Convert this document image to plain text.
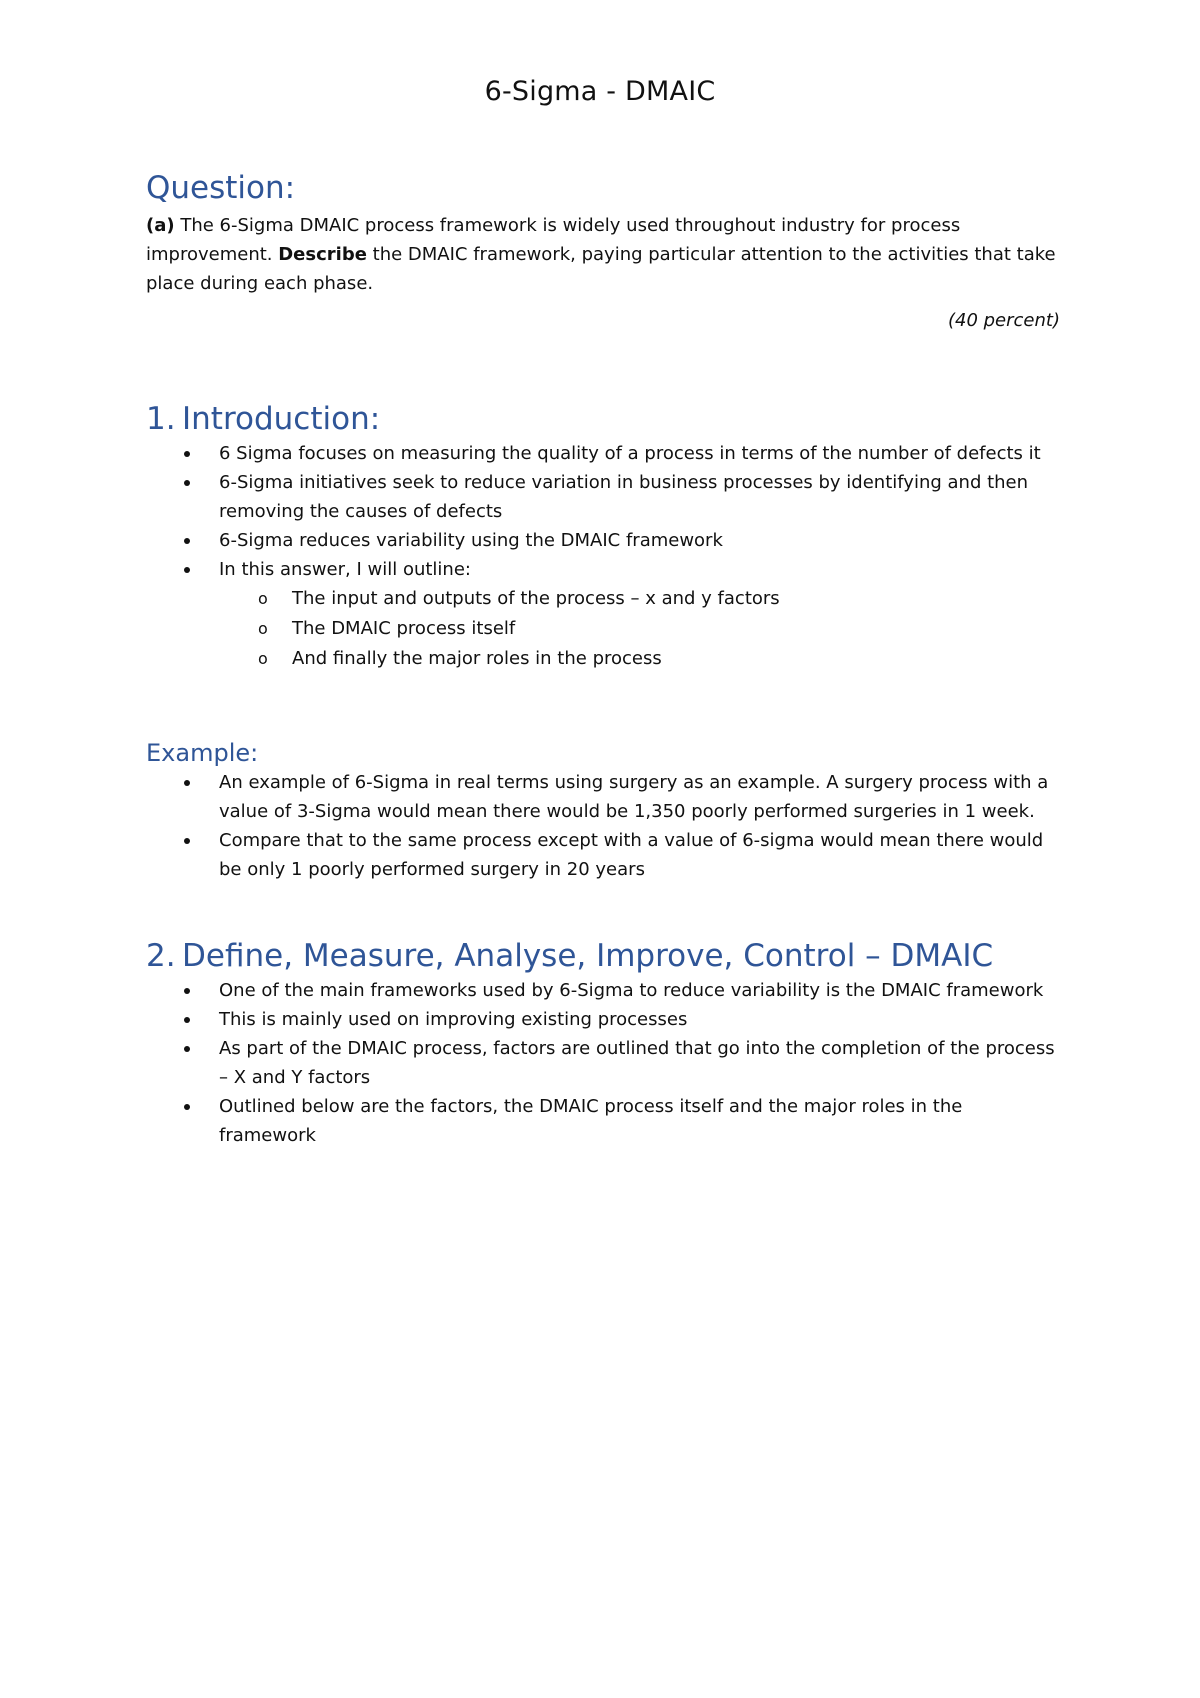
6-Sigma - DMAIC
Question:
(a) The 6-Sigma DMAIC process framework is widely used throughout industry for process improvement. Describe the DMAIC framework, paying particular attention to the activities that take place during each phase.
(40 percent)
1. Introduction:
6 Sigma focuses on measuring the quality of a process in terms of the number of defects it
6-Sigma initiatives seek to reduce variation in business processes by identifying and then removing the causes of defects
6-Sigma reduces variability using the DMAIC framework
In this answer, I will outline:
o The input and outputs of the process – x and y factors
o The DMAIC process itself
o And finally the major roles in the process
Example:
An example of 6-Sigma in real terms using surgery as an example. A surgery process with a value of 3-Sigma would mean there would be 1,350 poorly performed surgeries in 1 week.
Compare that to the same process except with a value of 6-sigma would mean there would be only 1 poorly performed surgery in 20 years
2. Define, Measure, Analyse, Improve, Control – DMAIC
One of the main frameworks used by 6-Sigma to reduce variability is the DMAIC framework
This is mainly used on improving existing processes
As part of the DMAIC process, factors are outlined that go into the completion of the process – X and Y factors
Outlined below are the factors, the DMAIC process itself and the major roles in the framework
